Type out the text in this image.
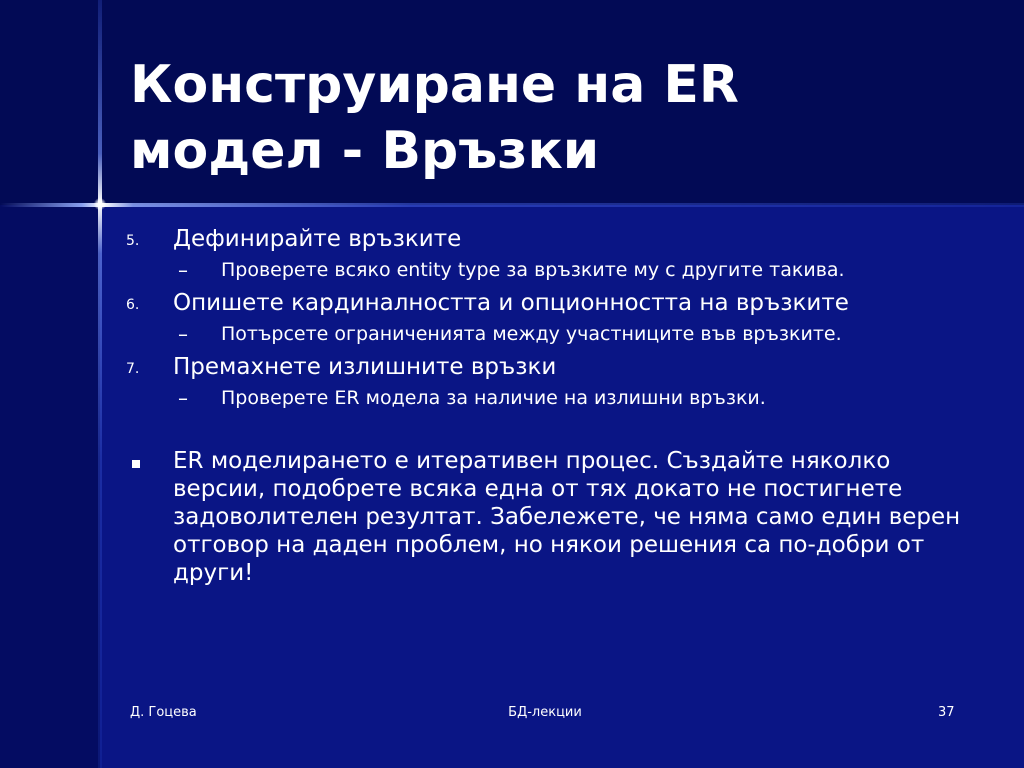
Конструиране на ER
модел - Връзки
5.	Дефинирайте връзките
–	Проверете всяко entity type за връзките му с другите такива.
6.	Опишете кардиналността и опционността на връзките
–	Потърсете ограниченията между участниците във връзките.
7.	Премахнете излишните връзки
–	Проверете ER модела за наличие на излишни връзки.
ER моделирането е итеративен процес. Създайте няколко версии, подобрете всяка една от тях докато не постигнете задоволителен резултат. Забележете, че няма само един верен отговор на даден проблем, но някои решения са по-добри от други!
Д. Гоцева	БД-лекции	37
